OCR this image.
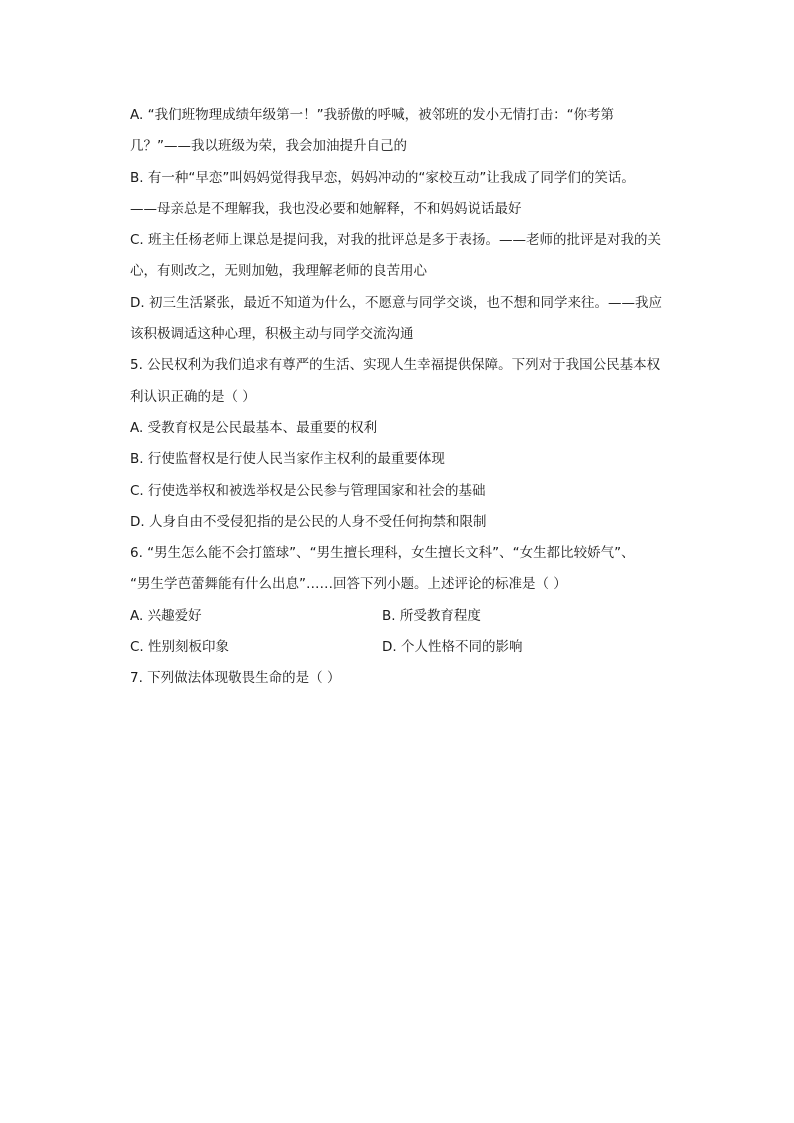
A. “我们班物理成绩年级第一！”我骄傲的呼喊，被邻班的发小无情打击：“你考第
几？”——我以班级为荣，我会加油提升自己的
B. 有一种“早恋”叫妈妈觉得我早恋，妈妈冲动的“家校互动”让我成了同学们的笑话。
——母亲总是不理解我，我也没必要和她解释，不和妈妈说话最好
C. 班主任杨老师上课总是提问我，对我的批评总是多于表扬。——老师的批评是对我的关
心，有则改之，无则加勉，我理解老师的良苦用心
D. 初三生活紧张，最近不知道为什么，不愿意与同学交谈，也不想和同学来往。——我应
该积极调适这种心理，积极主动与同学交流沟通
5. 公民权利为我们追求有尊严的生活、实现人生幸福提供保障。下列对于我国公民基本权
利认识正确的是（ ）
A. 受教育权是公民最基本、最重要的权利
B. 行使监督权是行使人民当家作主权利的最重要体现
C. 行使选举权和被选举权是公民参与管理国家和社会的基础
D. 人身自由不受侵犯指的是公民的人身不受任何拘禁和限制
6. “男生怎么能不会打篮球”、“男生擅长理科，女生擅长文科”、“女生都比较娇气”、
“男生学芭蕾舞能有什么出息”……回答下列小题。上述评论的标准是（ ）
A. 兴趣爱好	B. 所受教育程度
C. 性别刻板印象	D. 个人性格不同的影响
7. 下列做法体现敬畏生命的是（ ）
